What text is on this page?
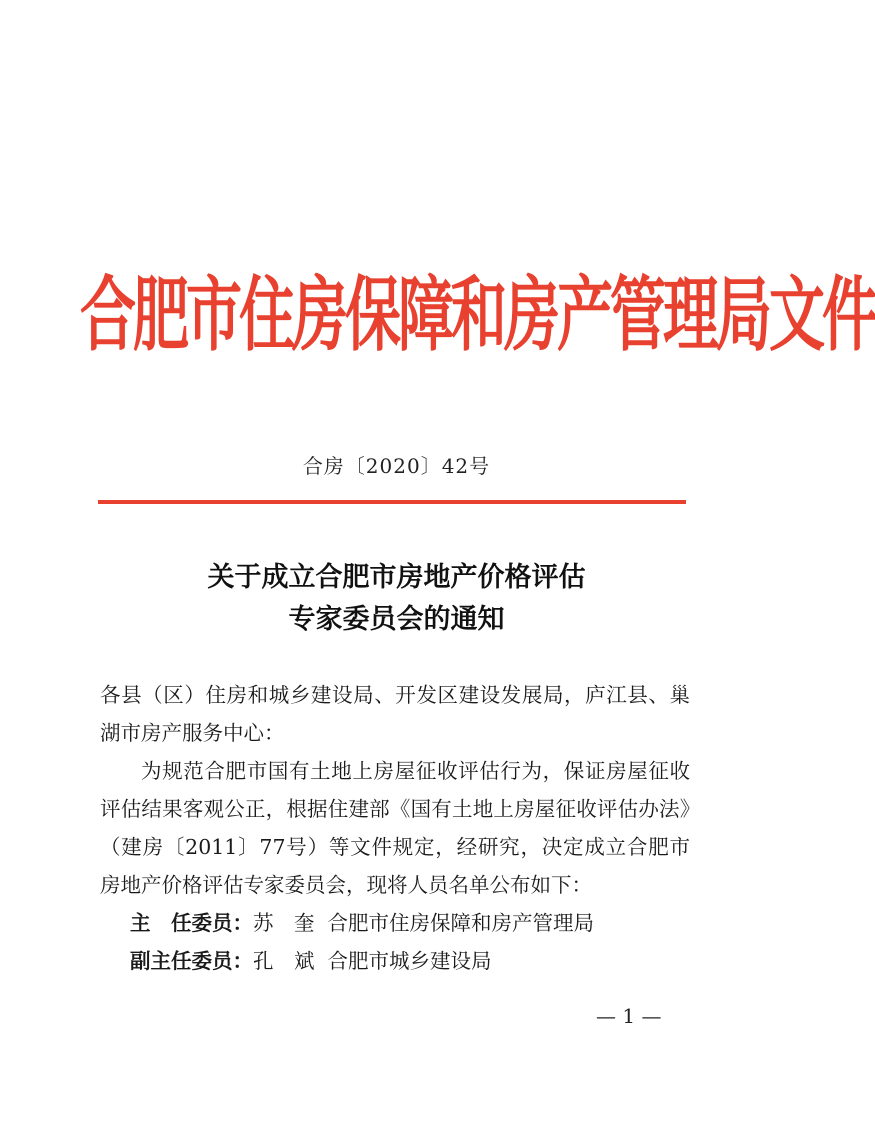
合肥市住房保障和房产管理局文件
合房〔2020〕42号
关于成立合肥市房地产价格评估
专家委员会的通知

各县（区）住房和城乡建设局、开发区建设发展局，庐江县、巢湖市房产服务中心：

为规范合肥市国有土地上房屋征收评估行为，保证房屋征收评估结果客观公正，根据住建部《国有土地上房屋征收评估办法》（建房〔2011〕77号）等文件规定，经研究，决定成立合肥市房地产价格评估专家委员会，现将人员名单公布如下：

主　任委员：苏　奎 合肥市住房保障和房产管理局

副主任委员：孔　斌 合肥市城乡建设局

— 1 —
